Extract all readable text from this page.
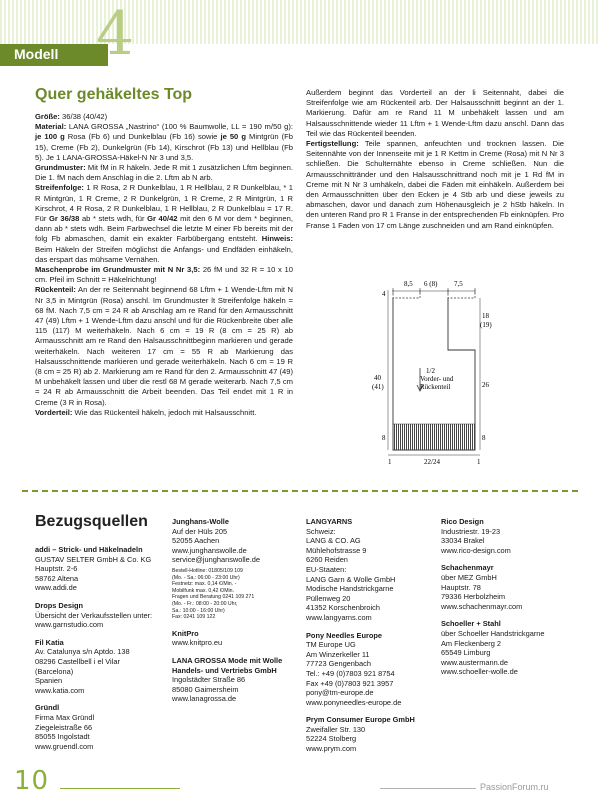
Modell 4
Quer gehäkeltes Top

Größe: 36/38 (40/42)

Material: LANA GROSSA „Nastrino“ (100 % Baumwolle, LL = 190 m/50 g): je 100 g Rosa (Fb 6) und Dunkelblau (Fb 16) sowie je 50 g Mintgrün (Fb 15), Creme (Fb 2), Dunkelgrün (Fb 14), Kirschrot (Fb 13) und Hellblau (Fb 5). Je 1 LANA-GROSSA-Häkel-N Nr 3 und 3,5.

Grundmuster: Mit fM in R häkeln. Jede R mit 1 zusätzlichen Lftm beginnen. Die 1. fM nach dem Anschlag in die 2. Lftm ab N arb.

Streifenfolge: 1 R Rosa, 2 R Dunkelblau, 1 R Hellblau, 2 R Dunkelblau, * 1 R Mintgrün, 1 R Creme, 2 R Dunkelgrün, 1 R Creme, 2 R Mintgrün, 1 R Kirschrot, 4 R Rosa, 2 R Dunkelblau, 1 R Hellblau, 2 R Dunkelblau = 17 R. Für Gr 36/38 ab * stets wdh, für Gr 40/42 mit den 6 M vor dem * beginnen, dann ab * stets wdh. Beim Farbwechsel die letzte M einer Fb bereits mit der folg Fb abmaschen, damit ein exakter Farbübergang entsteht. Hinweis: Beim Häkeln der Streifen möglichst die Anfangs- und Endfäden einhäkeln, das erspart das mühsame Vernähen.

Maschenprobe im Grundmuster mit N Nr 3,5: 26 fM und 32 R = 10 x 10 cm. Pfeil im Schnitt = Häkelrichtung!

Rückenteil: An der re Seitennaht beginnend 68 Lftm + 1 Wende-Lftm mit N Nr 3,5 in Mintgrün (Rosa) anschl. Im Grundmuster lt Streifenfolge häkeln = 68 fM. Nach 7,5 cm = 24 R ab Anschlag am re Rand für den Armausschnitt 47 (49) Lftm + 1 Wende-Lftm dazu anschl und für die Rückenbreite über alle 115 (117) M weiterhäkeln. Nach 6 cm = 19 R (8 cm = 25 R) ab Armausschnitt am re Rand den Halsausschnittbeginn markieren und gerade weiterhäkeln. Nach weiteren 17 cm = 55 R ab Markierung das Halsausschnittende markieren und gerade weiterhäkeln. Nach 6 cm = 19 R (8 cm = 25 R) ab 2. Markierung am re Rand für den 2. Armausschnitt 47 (49) M unbehäkelt lassen und über die restl 68 M gerade weiterarb. Nach 7,5 cm = 24 R ab Armausschnitt die Arbeit beenden. Das Teil endet mit 1 R in Creme (3 R in Rosa).

Vorderteil: Wie das Rückenteil häkeln, jedoch mit Halsausschnitt.

Außerdem beginnt das Vorderteil an der li Seitennaht, dabei die Streifenfolge wie am Rückenteil arb. Der Halsausschnitt beginnt an der 1. Markierung. Dafür am re Rand 11 M unbehäkelt lassen und am Halsausschnittende wieder 11 Lftm + 1 Wende-Lftm dazu anschl. Dann das Teil wie das Rückenteil beenden.

Fertigstellung: Teile spannen, anfeuchten und trocknen lassen. Die Seitennähte von der Innenseite mit je 1 R Kettm in Creme (Rosa) mit N Nr 3 schließen. Die Schulternähte ebenso in Creme schließen. Nun die Armausschnittränder und den Halsausschnittrand noch mit je 1 Rd fM in Creme mit N Nr 3 umhäkeln, dabei die Fäden mit einhäkeln. Außerdem bei den Armausschnitten über den Ecken je 4 Stb arb und diese jeweils zu abmaschen, davor und danach zum Höhenausgleich je 2 hStb häkeln. In den unteren Rand pro R 1 Franse in der entsprechenden Fb einknüpfen. Pro Franse 1 Faden von 17 cm Länge zuschneiden und am Rand einknüpfen.

8,5 6 (8) 7,5
4
40
(41)
8
18
(19)
26
8
1/2
Vorder- und
Rückenteil
1	22/24	1
Bezugsquellen
addi – Strick- und Häkelnadeln
GUSTAV SELTER GmbH & Co. KG
Hauptstr. 2-6
58762 Altena
www.addi.de
Drops Design
Übersicht der Verkaufsstellen unter:
www.garnstudio.com
Fil Katia
Av. Catalunya s/n Aptdo. 138
08296 Castellbell i el Vilar
(Barcelona)
Spanien
www.katia.com
Gründl
Firma Max Gründl
Ziegeleistraße 66
85055 Ingolstadt
www.gruendl.com
Junghans-Wolle
Auf der Hüls 205
52055 Aachen
www.junghanswolle.de
service@junghanswolle.de
Bestell-Hotline: 01805/109 109
(Mo. - Sa.: 06:00 - 23:00 Uhr)
Festnetz: max. 0,14 €/Min. -
Mobilfunk max. 0,42 €/Min.
Fragen und Beratung 0241 109 271
(Mo. - Fr.: 08:00 - 20:00 Uhr,
Sa.: 10:00 - 16:00 Uhr)
Fax: 0241 109 122
KnitPro
www.knitpro.eu
LANA GROSSA Mode mit Wolle Handels- und Vertriebs GmbH
Ingolstädter Straße 86
85080 Gaimersheim
www.lanagrossa.de
LANGYARNS
Schweiz:
LANG & CO. AG
Mühlehofstrasse 9
6260 Reiden
EU-Staaten:
LANG Garn & Wolle GmbH
Modische Handstrickgarne
Püllenweg 20
41352 Korschenbroich
www.langyarns.com
Pony Needles Europe
TM Europe UG
Am Winzerkeller 11
77723 Gengenbach
Tel.: +49 (0)7803 921 8754
Fax +49 (0)7803 921 3957
pony@tm-europe.de
www.ponyneedles-europe.de
Prym Consumer Europe GmbH
Zweifaller Str. 130
52224 Stolberg
www.prym.com
Rico Design
Industriestr. 19-23
33034 Brakel
www.rico-design.com
Schachenmayr
über MEZ GmbH
Hauptstr. 78
79336 Herbolzheim
www.schachenmayr.com
Schoeller + Stahl
über Schoeller Handstrickgarne
Am Fleckenberg 2
65549 Limburg
www.austermann.de
www.schoeller-wolle.de
10	PassionForum.ru
